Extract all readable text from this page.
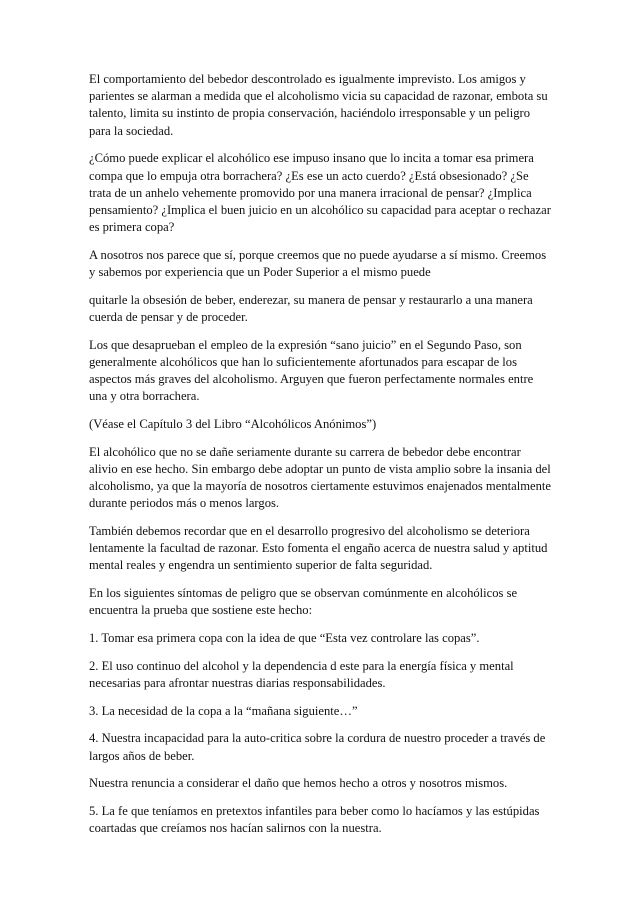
El comportamiento del bebedor descontrolado es igualmente imprevisto. Los amigos y parientes se alarman a medida que el alcoholismo vicia su capacidad de razonar, embota su talento, limita su instinto de propia conservación, haciéndolo irresponsable y un peligro para la sociedad.

¿Cómo puede explicar el alcohólico ese impuso insano que lo incita a tomar esa primera compa que lo empuja otra borrachera? ¿Es ese un acto cuerdo? ¿Está obsesionado? ¿Se trata de un anhelo vehemente promovido por una manera irracional de pensar? ¿Implica pensamiento? ¿Implica el buen juicio en un alcohólico su capacidad para aceptar o rechazar es primera copa?

A nosotros nos parece que sí, porque creemos que no puede ayudarse a sí mismo. Creemos y sabemos por experiencia que un Poder Superior a el mismo puede

quitarle la obsesión de beber, enderezar, su manera de pensar y restaurarlo a una manera cuerda de pensar y de proceder.

Los que desaprueban el empleo de la expresión “sano juicio” en el Segundo Paso, son generalmente alcohólicos que han lo suficientemente afortunados para escapar de los aspectos más graves del alcoholismo. Arguyen que fueron perfectamente normales entre una y otra borrachera.

(Véase el Capítulo 3 del Libro “Alcohólicos Anónimos”)

El alcohólico que no se dañe seriamente durante su carrera de bebedor debe encontrar alivio en ese hecho. Sin embargo debe adoptar un punto de vista amplio sobre la insania del alcoholismo, ya que la mayoría de nosotros ciertamente estuvimos enajenados mentalmente durante periodos más o menos largos.

También debemos recordar que en el desarrollo progresivo del alcoholismo se deteriora lentamente la facultad de razonar. Esto fomenta el engaño acerca de nuestra salud y aptitud mental reales y engendra un sentimiento superior de falta seguridad.

En los siguientes síntomas de peligro que se observan comúnmente en alcohólicos se encuentra la prueba que sostiene este hecho:

1. Tomar esa primera copa con la idea de que “Esta vez controlare las copas”.

2. El uso continuo del alcohol y la dependencia d este para la energía física y mental necesarias para afrontar nuestras diarias responsabilidades.

3. La necesidad de la copa a la “mañana siguiente…”

4. Nuestra incapacidad para la auto-critica sobre la cordura de nuestro proceder a través de largos años de beber.

Nuestra renuncia a considerar el daño que hemos hecho a otros y nosotros mismos.

5. La fe que teníamos en pretextos infantiles para beber como lo hacíamos y las estúpidas coartadas que creíamos nos hacían salirnos con la nuestra.
